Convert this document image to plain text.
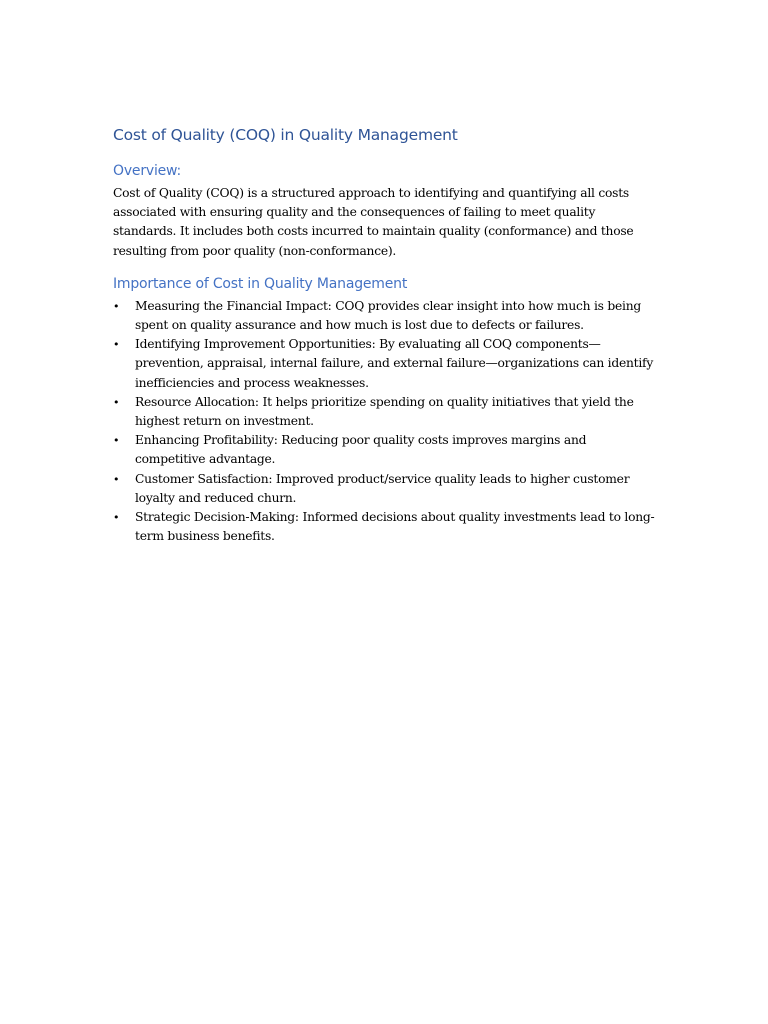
Cost of Quality (COQ) in Quality Management
Overview:

Cost of Quality (COQ) is a structured approach to identifying and quantifying all costs associated with ensuring quality and the consequences of failing to meet quality standards. It includes both costs incurred to maintain quality (conformance) and those resulting from poor quality (non-conformance).

Importance of Cost in Quality Management
• Measuring the Financial Impact: COQ provides clear insight into how much is being spent on quality assurance and how much is lost due to defects or failures.
• Identifying Improvement Opportunities: By evaluating all COQ components—prevention, appraisal, internal failure, and external failure—organizations can identify inefficiencies and process weaknesses.
• Resource Allocation: It helps prioritize spending on quality initiatives that yield the highest return on investment.
• Enhancing Profitability: Reducing poor quality costs improves margins and competitive advantage.
• Customer Satisfaction: Improved product/service quality leads to higher customer loyalty and reduced churn.
• Strategic Decision-Making: Informed decisions about quality investments lead to long-term business benefits.
